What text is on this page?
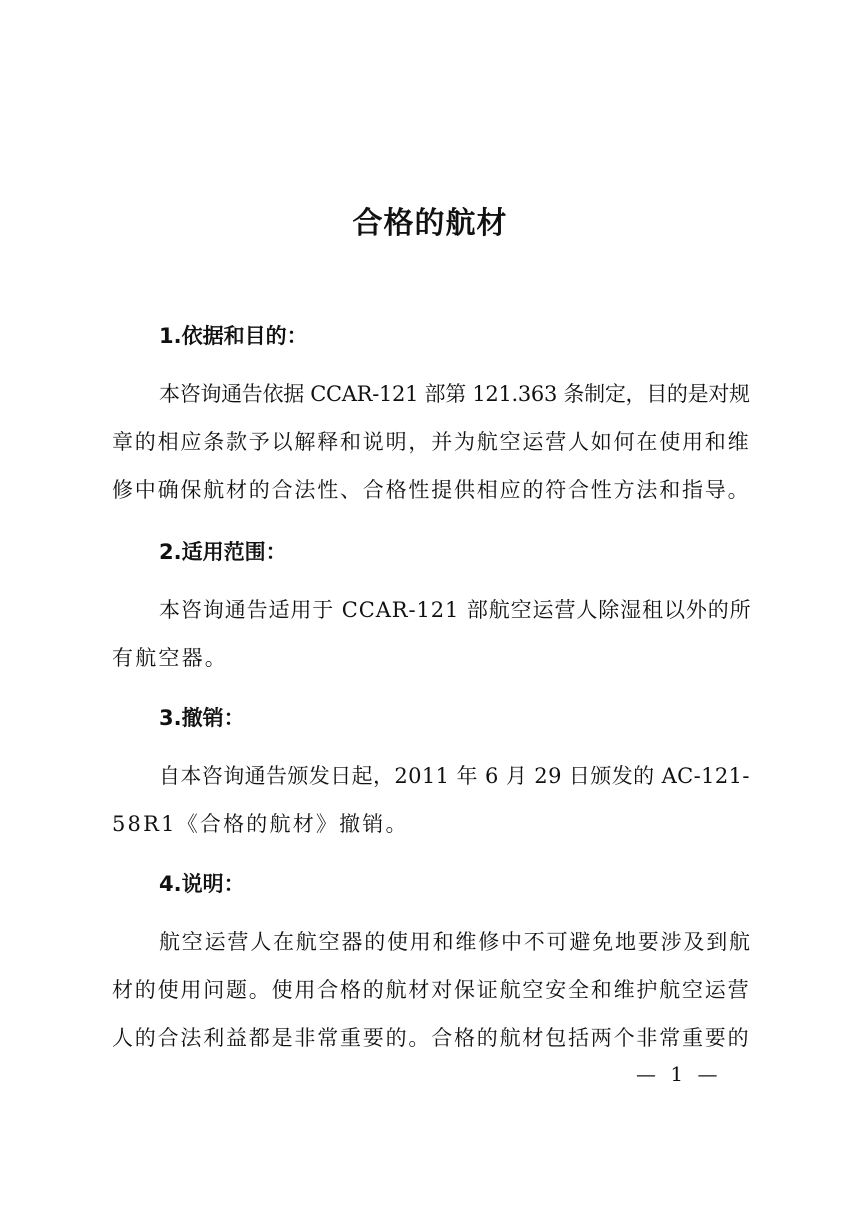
合格的航材
1.依据和目的：
本咨询通告依据 CCAR-121 部第 121.363 条制定，目的是对规
章的相应条款予以解释和说明，并为航空运营人如何在使用和维
修中确保航材的合法性、合格性提供相应的符合性方法和指导。
2.适用范围：
本咨询通告适用于 CCAR-121 部航空运营人除湿租以外的所
有航空器。
3.撤销：
自本咨询通告颁发日起，2011 年 6 月 29 日颁发的 AC-121-
58R1《合格的航材》撤销。
4.说明：
航空运营人在航空器的使用和维修中不可避免地要涉及到航
材的使用问题。使用合格的航材对保证航空安全和维护航空运营
人的合法利益都是非常重要的。合格的航材包括两个非常重要的
— 1 —
